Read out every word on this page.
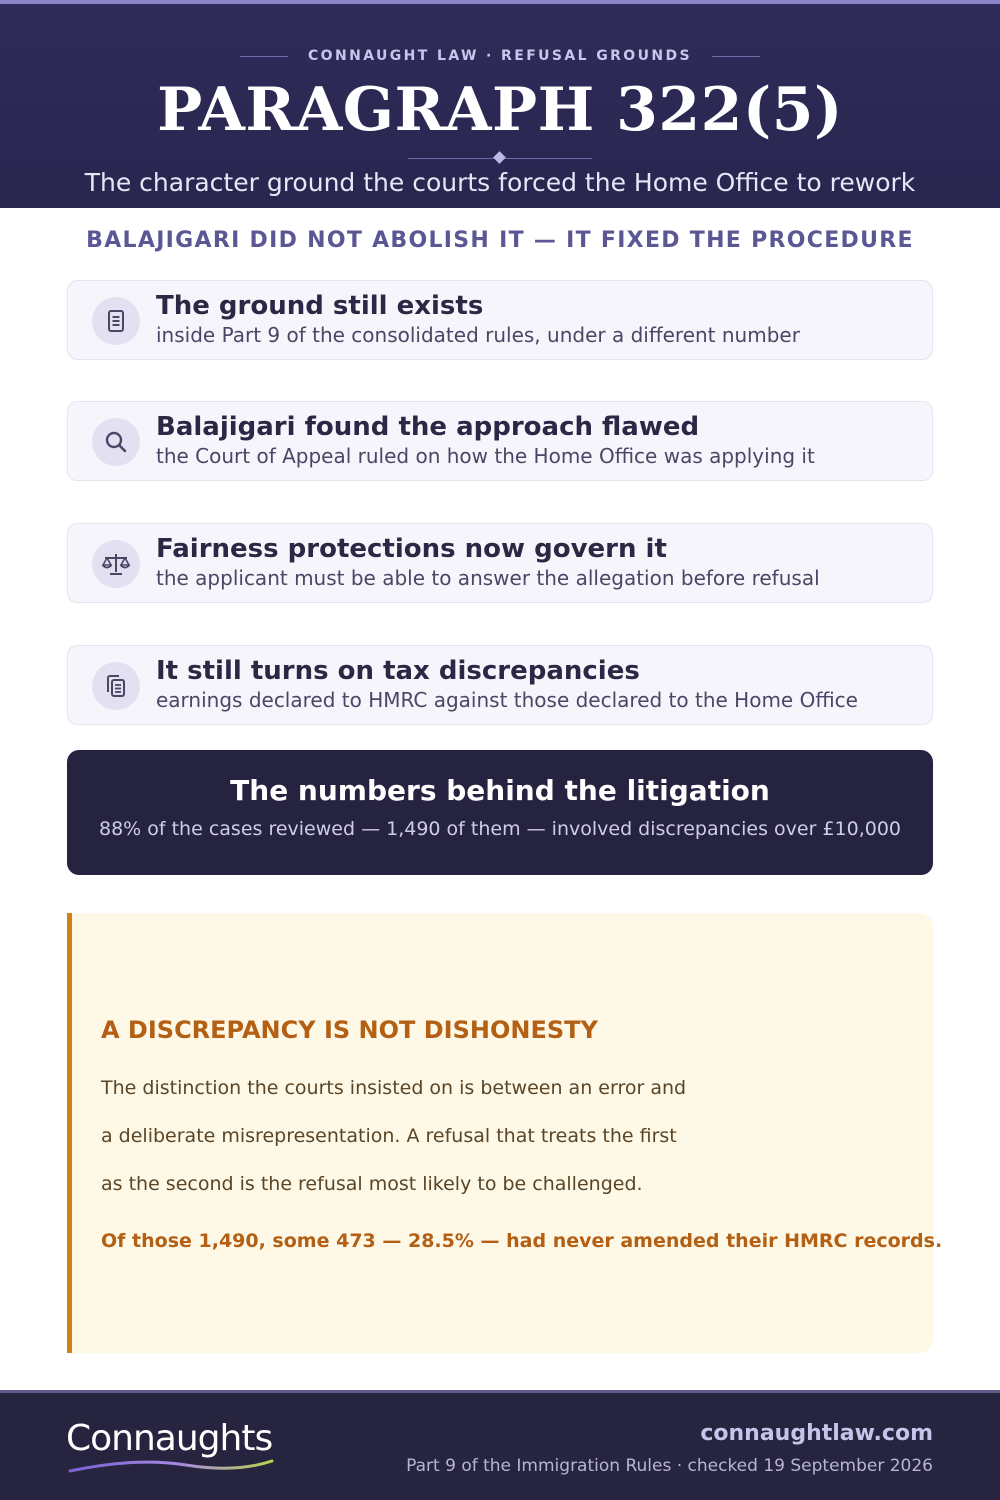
CONNAUGHT LAW · REFUSAL GROUNDS
PARAGRAPH 322(5)
The character ground the courts forced the Home Office to rework
BALAJIGARI DID NOT ABOLISH IT — IT FIXED THE PROCEDURE
The ground still exists
inside Part 9 of the consolidated rules, under a different number
Balajigari found the approach flawed
the Court of Appeal ruled on how the Home Office was applying it
Fairness protections now govern it
the applicant must be able to answer the allegation before refusal
It still turns on tax discrepancies
earnings declared to HMRC against those declared to the Home Office
The numbers behind the litigation
88% of the cases reviewed — 1,490 of them — involved discrepancies over £10,000
A DISCREPANCY IS NOT DISHONESTY
The distinction the courts insisted on is between an error and
a deliberate misrepresentation. A refusal that treats the first
as the second is the refusal most likely to be challenged.
Of those 1,490, some 473 — 28.5% — had never amended their HMRC records.
Connaughts	connaughtlaw.com
Part 9 of the Immigration Rules · checked 19 September 2026
